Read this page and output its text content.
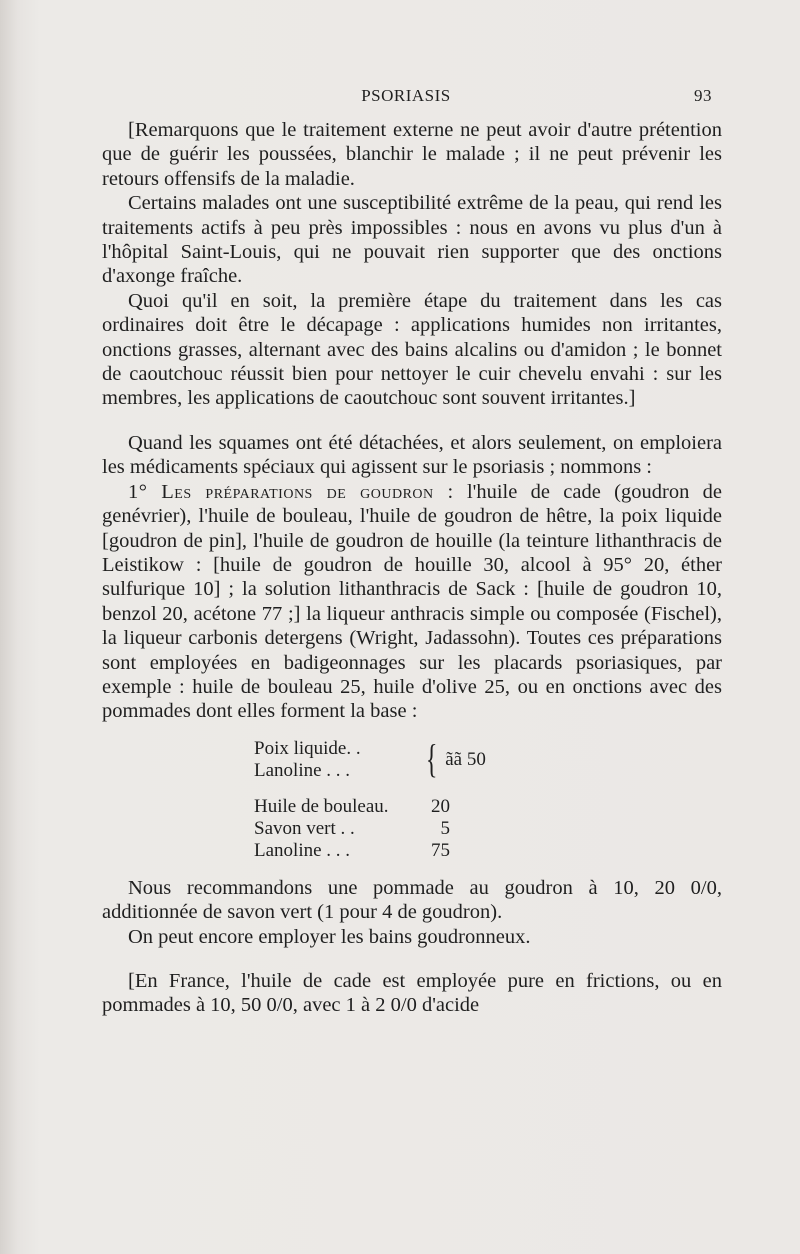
PSORIASIS	93

[Remarquons que le traitement externe ne peut avoir d'autre prétention que de guérir les poussées, blanchir le malade ; il ne peut prévenir les retours offensifs de la maladie.

Certains malades ont une susceptibilité extrême de la peau, qui rend les traitements actifs à peu près impossibles : nous en avons vu plus d'un à l'hôpital Saint-Louis, qui ne pouvait rien supporter que des onctions d'axonge fraîche.

Quoi qu'il en soit, la première étape du traitement dans les cas ordinaires doit être le décapage : applications humides non irritantes, onctions grasses, alternant avec des bains alcalins ou d'amidon ; le bonnet de caoutchouc réussit bien pour nettoyer le cuir chevelu envahi : sur les membres, les applications de caoutchouc sont souvent irritantes.]

Quand les squames ont été détachées, et alors seulement, on emploiera les médicaments spéciaux qui agissent sur le psoriasis ; nommons :

1° Les préparations de goudron : l'huile de cade (goudron de genévrier), l'huile de bouleau, l'huile de goudron de hêtre, la poix liquide [goudron de pin], l'huile de goudron de houille (la teinture lithanthracis de Leistikow : [huile de goudron de houille 30, alcool à 95° 20, éther sulfurique 10] ; la solution lithanthracis de Sack : [huile de goudron 10, benzol 20, acétone 77 ;] la liqueur anthracis simple ou composée (Fischel), la liqueur carbonis detergens (Wright, Jadassohn). Toutes ces préparations sont employées en badigeonnages sur les placards psoriasiques, par exemple : huile de bouleau 25, huile d'olive 25, ou en onctions avec des pommades dont elles forment la base :

Poix liquide. .	{	ãã 50
Lanoline . . .
Huile de bouleau.	20
Savon vert . .	5
Lanoline . . .	75

Nous recommandons une pommade au goudron à 10, 20 0/0, additionnée de savon vert (1 pour 4 de goudron).

On peut encore employer les bains goudronneux.

[En France, l'huile de cade est employée pure en frictions, ou en pommades à 10, 50 0/0, avec 1 à 2 0/0 d'acide
